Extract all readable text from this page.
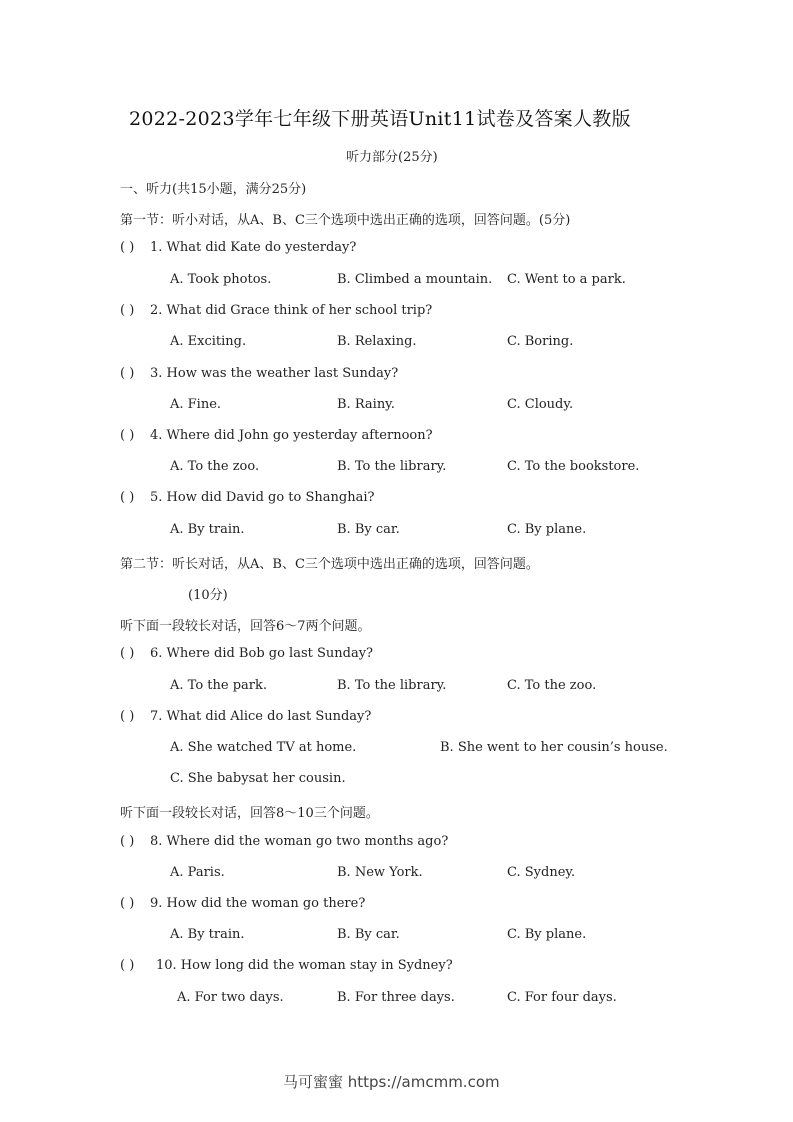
2022-2023学年七年级下册英语Unit11试卷及答案人教版
听力部分(25分)
一、听力(共15小题，满分25分)
第一节：听小对话，从A、B、C三个选项中选出正确的选项，回答问题。(5分)
( ) 1. What did Kate do yesterday?
A. Took photos.	B. Climbed a mountain. C. Went to a park.
( ) 2. What did Grace think of her school trip?
A. Exciting.	B. Relaxing.	C. Boring.
( ) 3. How was the weather last Sunday?
A. Fine.	B. Rainy.	C. Cloudy.
( ) 4. Where did John go yesterday afternoon?
A. To the zoo.	B. To the library.	C. To the bookstore.
( ) 5. How did David go to Shanghai?
A. By train.	B. By car.	C. By plane.
第二节：听长对话，从A、B、C三个选项中选出正确的选项，回答问题。
(10分)
听下面一段较长对话，回答6～7两个问题。
( ) 6. Where did Bob go last Sunday?
A. To the park.	B. To the library.	C. To the zoo.
( ) 7. What did Alice do last Sunday?
A. She watched TV at home.	B. She went to her cousin’s house.
C. She babysat her cousin.
听下面一段较长对话，回答8～10三个问题。
( ) 8. Where did the woman go two months ago?
A. Paris.	B. New York.	C. Sydney.
( ) 9. How did the woman go there?
A. By train.	B. By car.	C. By plane.
( ) 10. How long did the woman stay in Sydney?
A. For two days.	B. For three days.	C. For four days.
马可蜜蜜 https://amcmm.com
